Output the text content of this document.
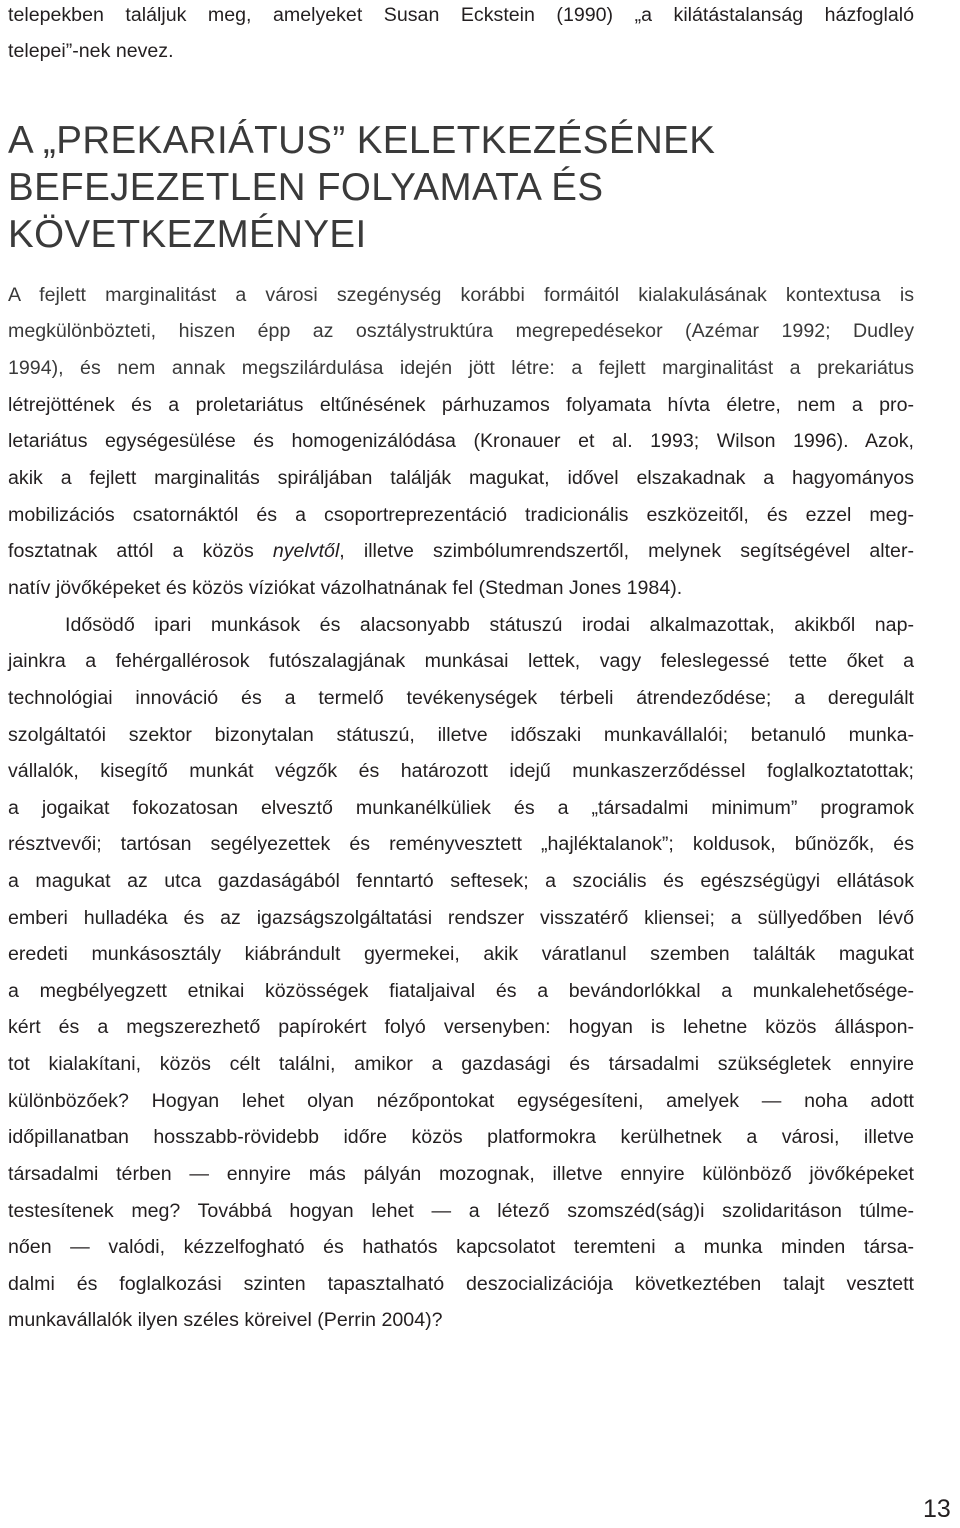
telepekben találjuk meg, amelyeket Susan Eckstein (1990) „a kilátástalanság házfoglaló
telepei”-nek nevez.
A „PREKARIÁTUS” KELETKEZÉSÉNEK
BEFEJEZETLEN FOLYAMATA ÉS
KÖVETKEZMÉNYEI
A fejlett marginalitást a városi szegénység korábbi formáitól kialakulásának kontextusa is
megkülönbözteti, hiszen épp az osztálystruktúra megrepedésekor (Azémar 1992; Dudley
1994), és nem annak megszilárdulása idején jött létre: a fejlett marginalitást a prekariátus
létrejöttének és a proletariátus eltűnésének párhuzamos folyamata hívta életre, nem a pro-
letariátus egységesülése és homogenizálódása (Kronauer et al. 1993; Wilson 1996). Azok,
akik a fejlett marginalitás spiráljában találják magukat, idővel elszakadnak a hagyományos
mobilizációs csatornáktól és a csoportreprezentáció tradicionális eszközeitől, és ezzel meg-
fosztatnak attól a közös nyelvtől, illetve szimbólumrendszertől, melynek segítségével alter-
natív jövőképeket és közös víziókat vázolhatnának fel (Stedman Jones 1984).
Idősödő ipari munkások és alacsonyabb státuszú irodai alkalmazottak, akikből nap-
jainkra a fehérgallérosok futószalagjának munkásai lettek, vagy feleslegessé tette őket a
technológiai innováció és a termelő tevékenységek térbeli átrendeződése; a deregulált
szolgáltatói szektor bizonytalan státuszú, illetve időszaki munkavállalói; betanuló munka-
vállalók, kisegítő munkát végzők és határozott idejű munkaszerződéssel foglalkoztatottak;
a jogaikat fokozatosan elvesztő munkanélküliek és a „társadalmi minimum” programok
résztvevői; tartósan segélyezettek és reményvesztett „hajléktalanok”; koldusok, bűnözők, és
a magukat az utca gazdaságából fenntartó seftesek; a szociális és egészségügyi ellátások
emberi hulladéka és az igazságszolgáltatási rendszer visszatérő kliensei; a süllyedőben lévő
eredeti munkásosztály kiábrándult gyermekei, akik váratlanul szemben találták magukat
a megbélyegzett etnikai közösségek fiataljaival és a bevándorlókkal a munkalehetősége-
kért és a megszerezhető papírokért folyó versenyben: hogyan is lehetne közös álláspon-
tot kialakítani, közös célt találni, amikor a gazdasági és társadalmi szükségletek ennyire
különbözőek? Hogyan lehet olyan nézőpontokat egységesíteni, amelyek — noha adott
időpillanatban hosszabb-rövidebb időre közös platformokra kerülhetnek a városi, illetve
társadalmi térben — ennyire más pályán mozognak, illetve ennyire különböző jövőképeket
testesítenek meg? Továbbá hogyan lehet — a létező szomszéd(ság)i szolidaritáson túlme-
nően — valódi, kézzelfogható és hathatós kapcsolatot teremteni a munka minden társa-
dalmi és foglalkozási szinten tapasztalható deszocializációja következtében talajt vesztett
munkavállalók ilyen széles köreivel (Perrin 2004)?
13
